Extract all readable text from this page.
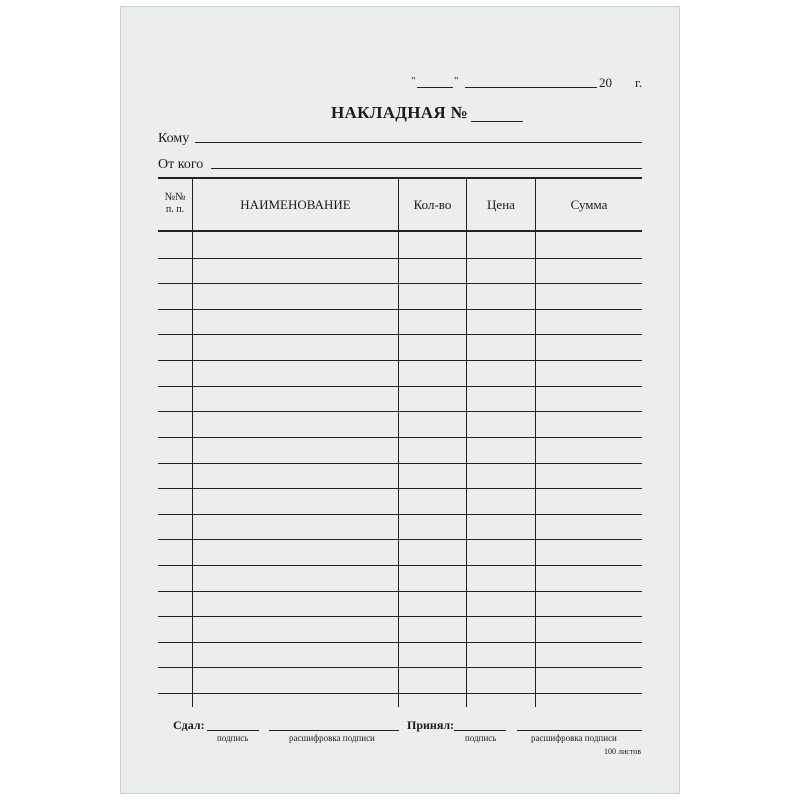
"	"	20 г.
НАКЛАДНАЯ №
Кому
От кого
№№
п. п.	НАИМЕНОВАНИЕ	Кол-во	Цена	Сумма
Сдал:
подпись	расшифровка подписи
Принял:
подпись	расшифровка подписи
100 листов
